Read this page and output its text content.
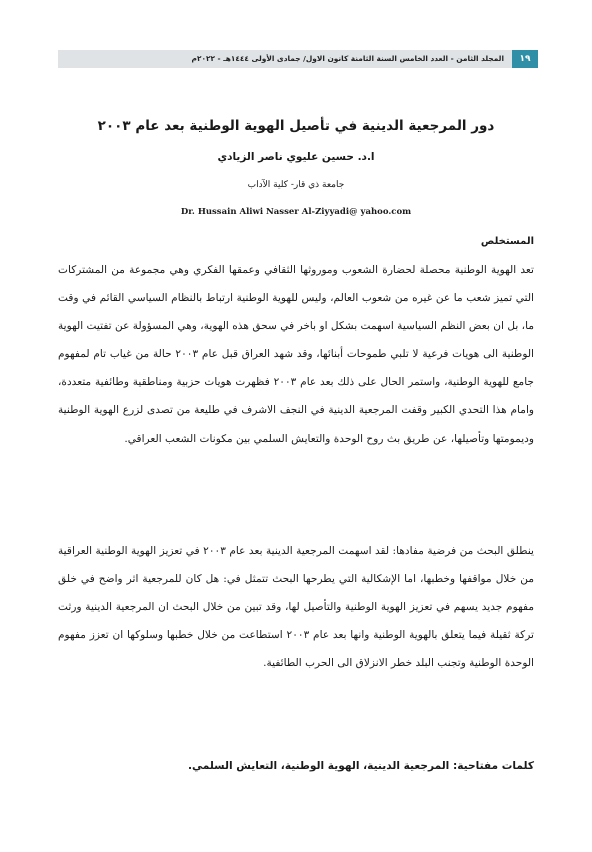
١٩
المجلد الثامن - العدد الخامس السنة الثامنة كانون الاول/ جمادى الأولى ١٤٤٤هـ - ٢٠٢٢م
دور المرجعية الدينية في تأصيل الهوية الوطنية بعد عام ٢٠٠٣
ا.د. حسين عليوي ناصر الزيادي
جامعة ذي قار- كلية الآداب
Dr. Hussain Aliwi Nasser Al-Ziyyadi@ yahoo.com
المستخلص

تعد الهوية الوطنية محصلة لحضارة الشعوب وموروثها الثقافي وعمقها الفكري وهي مجموعة من المشتركات التي تميز شعب ما عن غيره من شعوب العالم، وليس للهوية الوطنية ارتباط بالنظام السياسي القائم في وقت ما، بل ان بعض النظم السياسية اسهمت بشكل او باخر في سحق هذه الهوية، وهي المسؤولة عن تفتيت الهوية الوطنية الى هويات فرعية لا تلبي طموحات أبنائها، وقد شهد العراق قبل عام ٢٠٠٣ حالة من غياب تام لمفهوم جامع للهوية الوطنية، واستمر الحال على ذلك بعد عام ٢٠٠٣ فظهرت هويات حزبية ومناطقية وطائفية متعددة، وامام هذا التحدي الكبير وقفت المرجعية الدينية في النجف الاشرف في طليعة من تصدى لزرع الهوية الوطنية وديمومتها وتأصيلها، عن طريق بث روح الوحدة والتعايش السلمي بين مكونات الشعب العراقي.

ينطلق البحث من فرضية مفادها: لقد اسهمت المرجعية الدينية بعد عام ٢٠٠٣ في تعزيز الهوية الوطنية العراقية من خلال مواقفها وخطبها، اما الإشكالية التي يطرحها البحث تتمثل في: هل كان للمرجعية اثر واضح في خلق مفهوم جديد يسهم في تعزيز الهوية الوطنية والتأصيل لها، وقد تبين من خلال البحث ان المرجعية الدينية ورثت تركة ثقيلة فيما يتعلق بالهوية الوطنية وانها بعد عام ٢٠٠٣ استطاعت من خلال خطبها وسلوكها ان تعزز مفهوم الوحدة الوطنية وتجنب البلد خطر الانزلاق الى الحرب الطائفية.

كلمات مفتاحية: المرجعية الدينية، الهوية الوطنية، التعايش السلمي.
